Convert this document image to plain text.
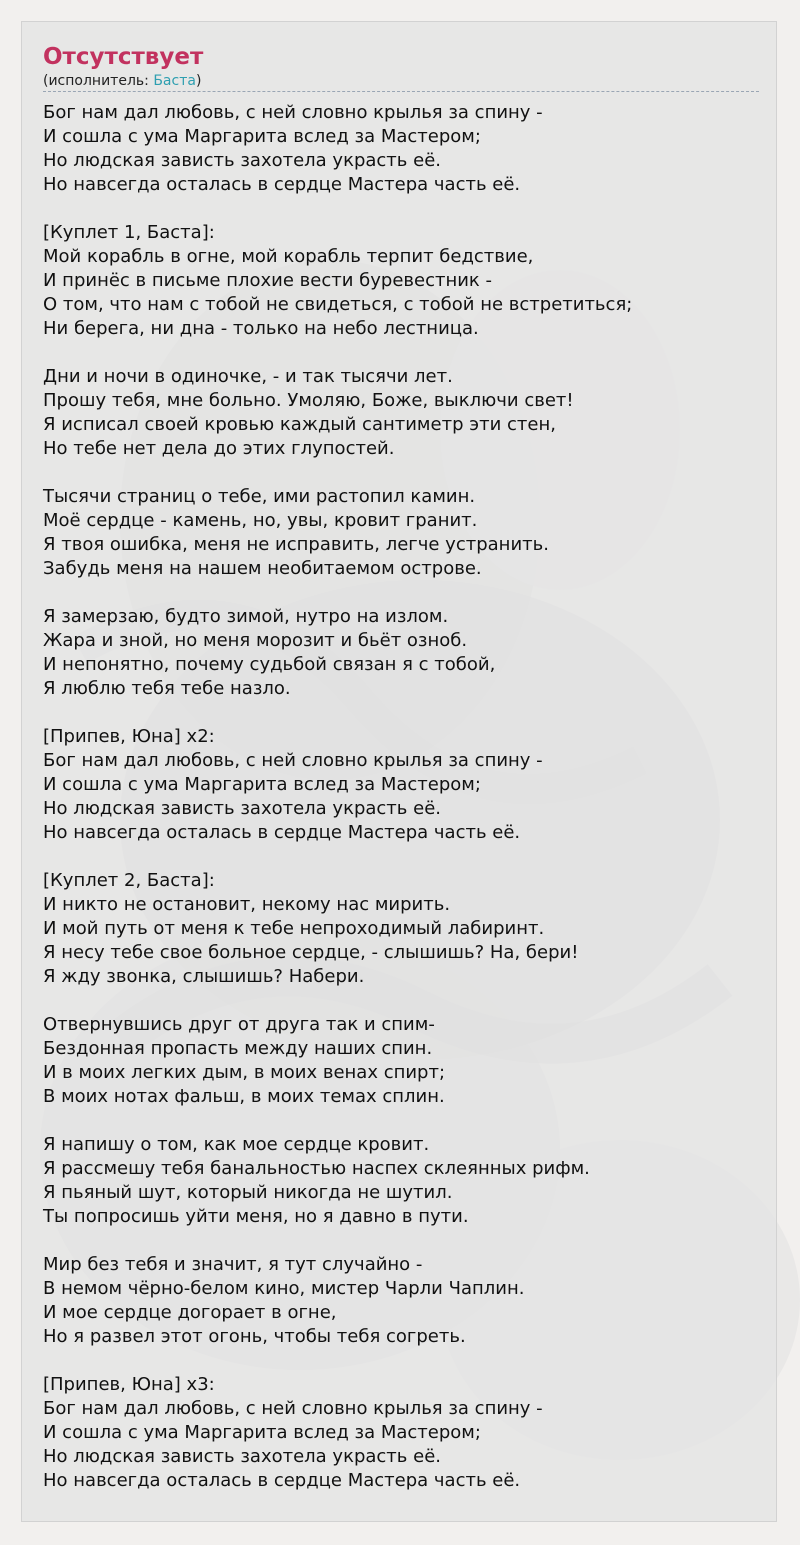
Отсутствует
(исполнитель: Баста)
Бог нам дал любовь, с ней словно крылья за спину -
И сошла с ума Маргарита вслед за Мастером;
Но людская зависть захотела украсть её.
Но навсегда осталась в сердце Мастера часть её.
[Куплет 1, Баста]:
Мой корабль в огне, мой корабль терпит бедствие,
И принёс в письме плохие вести буревестник -
О том, что нам с тобой не свидеться, с тобой не встретиться;
Ни берега, ни дна - только на небо лестница.
Дни и ночи в одиночке, - и так тысячи лет.
Прошу тебя, мне больно. Умоляю, Боже, выключи свет!
Я исписал своей кровью каждый сантиметр эти стен,
Но тебе нет дела до этих глупостей.
Тысячи страниц о тебе, ими растопил камин.
Моё сердце - камень, но, увы, кровит гранит.
Я твоя ошибка, меня не исправить, легче устранить.
Забудь меня на нашем необитаемом острове.
Я замерзаю, будто зимой, нутро на излом.
Жара и зной, но меня морозит и бьёт озноб.
И непонятно, почему судьбой связан я с тобой,
Я люблю тебя тебе назло.
[Припев, Юна] x2:
Бог нам дал любовь, с ней словно крылья за спину -
И сошла с ума Маргарита вслед за Мастером;
Но людская зависть захотела украсть её.
Но навсегда осталась в сердце Мастера часть её.
[Куплет 2, Баста]:
И никто не остановит, некому нас мирить.
И мой путь от меня к тебе непроходимый лабиринт.
Я несу тебе свое больное сердце, - слышишь? На, бери!
Я жду звонка, слышишь? Набери.
Отвернувшись друг от друга так и спим-
Бездонная пропасть между наших спин.
И в моих легких дым, в моих венах спирт;
В моих нотах фальш, в моих темах сплин.
Я напишу о том, как мое сердце кровит.
Я рассмешу тебя банальностью наспех склеянных рифм.
Я пьяный шут, который никогда не шутил.
Ты попросишь уйти меня, но я давно в пути.
Мир без тебя и значит, я тут случайно -
В немом чёрно-белом кино, мистер Чарли Чаплин.
И мое сердце догорает в огне,
Но я развел этот огонь, чтобы тебя согреть.
[Припев, Юна] x3:
Бог нам дал любовь, с ней словно крылья за спину -
И сошла с ума Маргарита вслед за Мастером;
Но людская зависть захотела украсть её.
Но навсегда осталась в сердце Мастера часть её.
